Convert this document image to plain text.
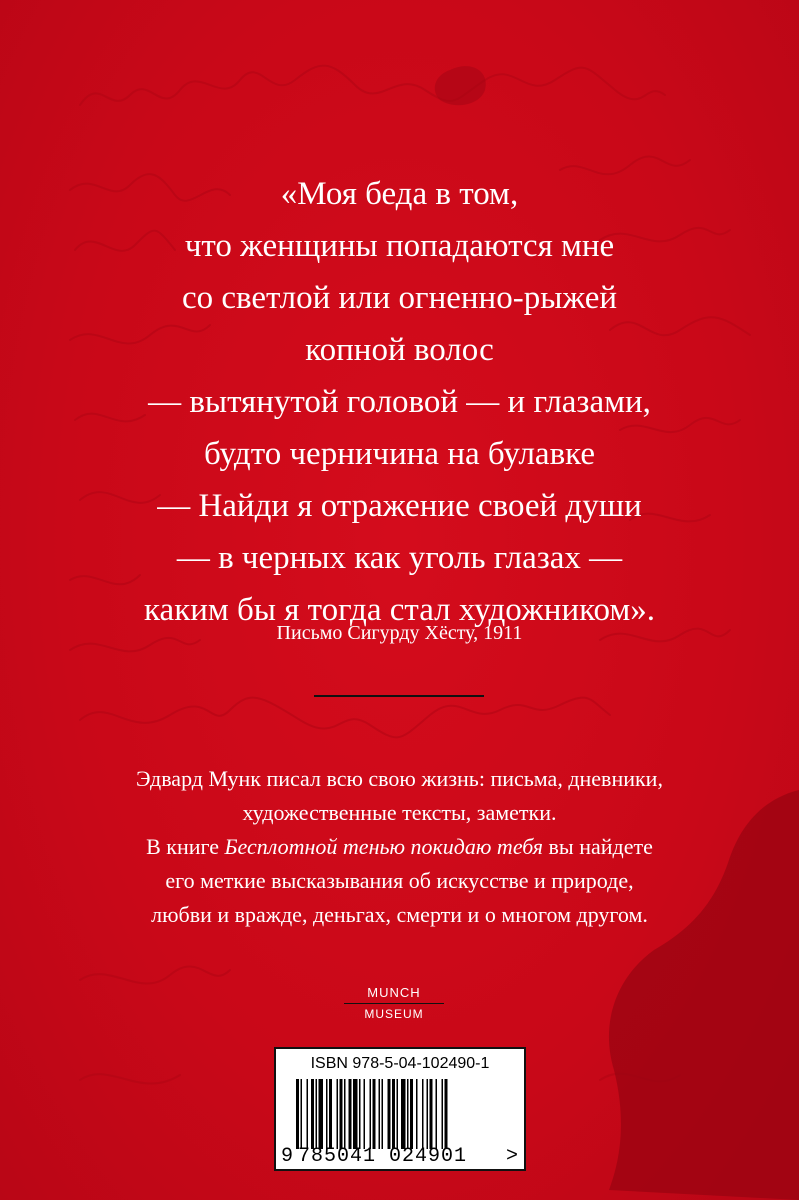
«Моя беда в том,
что женщины попадаются мне
со светлой или огненно-рыжей
копной волос
— вытянутой головой — и глазами,
будто черничина на булавке
— Найди я отражение своей души
— в черных как уголь глазах —
каким бы я тогда стал художником».
Письмо Сигурду Хёсту, 1911
Эдвард Мунк писал всю свою жизнь: письма, дневники,
художественные тексты, заметки.
В книге Бесплотной тенью покидаю тебя вы найдете
его меткие высказывания об искусстве и природе,
любви и вражде, деньгах, смерти и о многом другом.
MUNCH
MUSEUM
ISBN 978-5-04-102490-1
9 785041 024901 >
